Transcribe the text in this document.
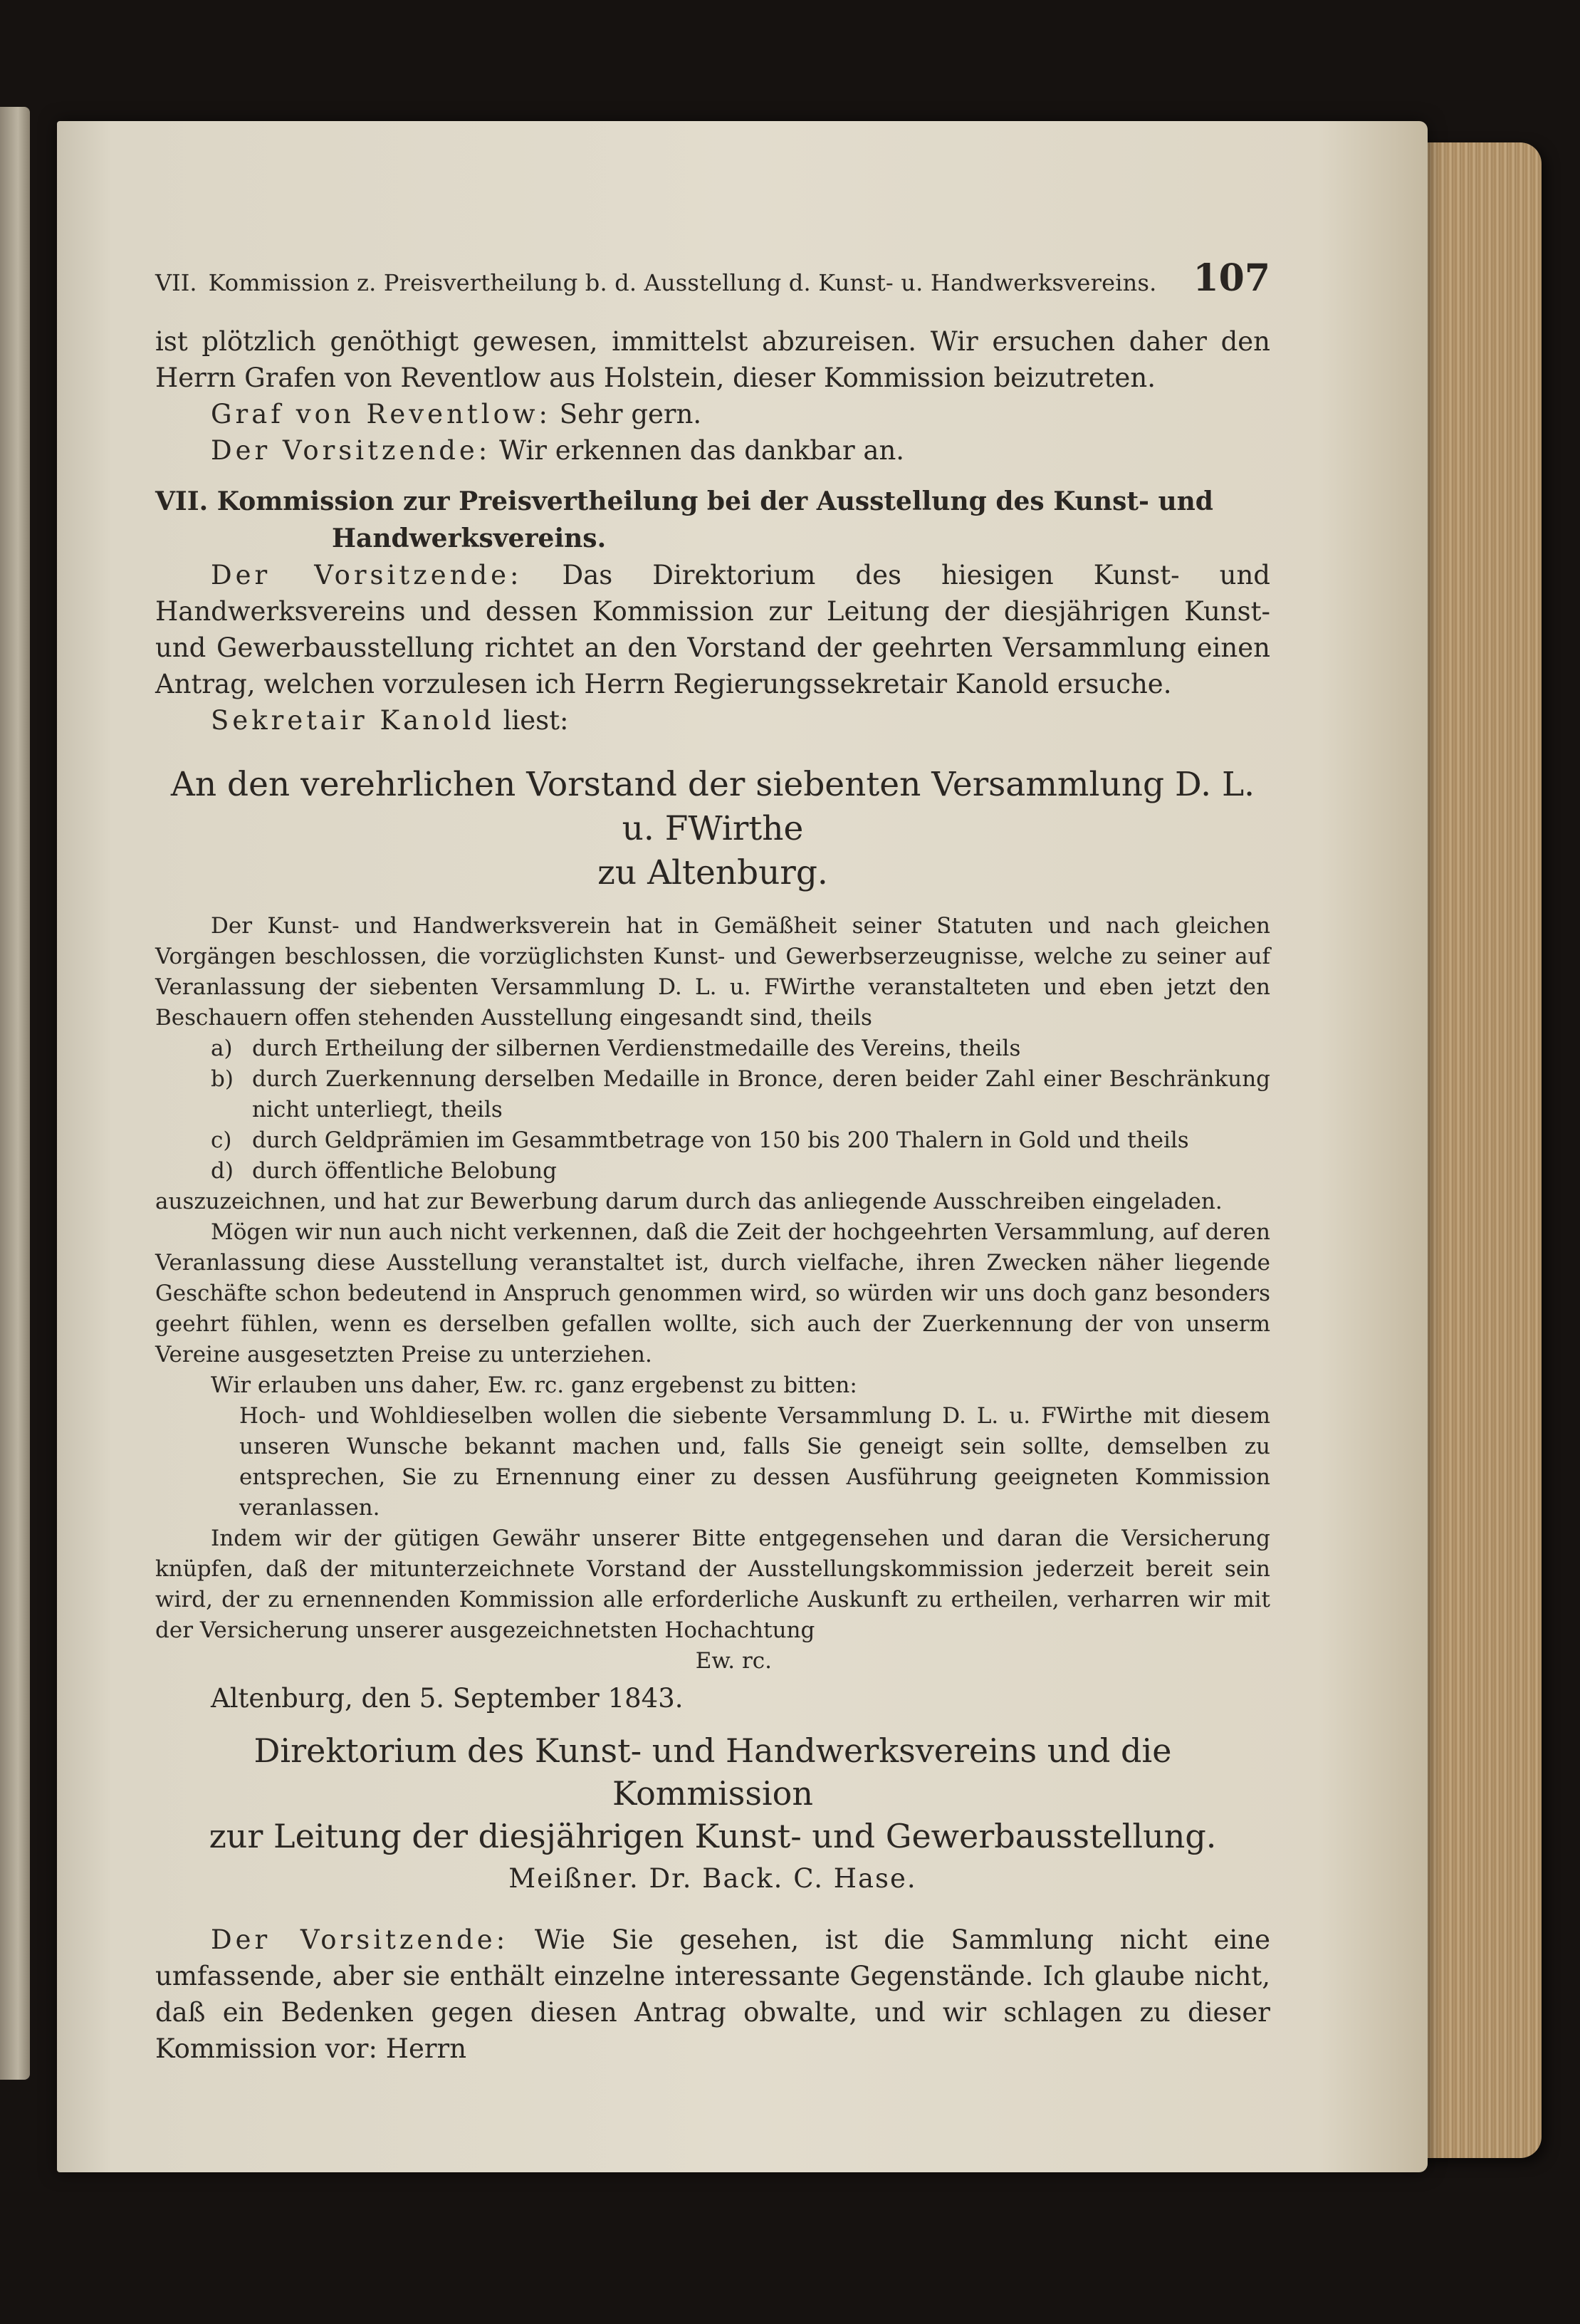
VII. Kommission z. Preisvertheilung b. d. Ausstellung d. Kunst- u. Handwerksvereins. 107

ist plötzlich genöthigt gewesen, immittelst abzureisen. Wir ersuchen daher den Herrn Grafen von Reventlow aus Holstein, dieser Kommission beizutreten.

Graf von Reventlow: Sehr gern.

Der Vorsitzende: Wir erkennen das dankbar an.

VII. Kommission zur Preisvertheilung bei der Ausstellung des Kunst- und
Handwerksvereins.

Der Vorsitzende: Das Direktorium des hiesigen Kunst- und Handwerksvereins und dessen Kommission zur Leitung der diesjährigen Kunst- und Gewerbausstellung richtet an den Vorstand der geehrten Versammlung einen Antrag, welchen vorzulesen ich Herrn Regierungssekretair Kanold ersuche.

Sekretair Kanold liest:

An den verehrlichen Vorstand der siebenten Versammlung D. L. u. FWirthe
zu Altenburg.

Der Kunst- und Handwerksverein hat in Gemäßheit seiner Statuten und nach gleichen Vorgängen beschlossen, die vorzüglichsten Kunst- und Gewerbserzeugnisse, welche zu seiner auf Veranlassung der siebenten Versammlung D. L. u. FWirthe veranstalteten und eben jetzt den Beschauern offen stehenden Ausstellung eingesandt sind, theils

a) durch Ertheilung der silbernen Verdienstmedaille des Vereins, theils
b) durch Zuerkennung derselben Medaille in Bronce, deren beider Zahl einer Beschränkung nicht unterliegt, theils
c) durch Geldprämien im Gesammtbetrage von 150 bis 200 Thalern in Gold und theils
d) durch öffentliche Belobung

auszuzeichnen, und hat zur Bewerbung darum durch das anliegende Ausschreiben eingeladen.

Mögen wir nun auch nicht verkennen, daß die Zeit der hochgeehrten Versammlung, auf deren Veranlassung diese Ausstellung veranstaltet ist, durch vielfache, ihren Zwecken näher liegende Geschäfte schon bedeutend in Anspruch genommen wird, so würden wir uns doch ganz besonders geehrt fühlen, wenn es derselben gefallen wollte, sich auch der Zuerkennung der von unserm Vereine ausgesetzten Preise zu unterziehen.

Wir erlauben uns daher, Ew. rc. ganz ergebenst zu bitten:

Hoch- und Wohldieselben wollen die siebente Versammlung D. L. u. FWirthe mit diesem unseren Wunsche bekannt machen und, falls Sie geneigt sein sollte, demselben zu entsprechen, Sie zu Ernennung einer zu dessen Ausführung geeigneten Kommission veranlassen.

Indem wir der gütigen Gewähr unserer Bitte entgegensehen und daran die Versicherung knüpfen, daß der mitunterzeichnete Vorstand der Ausstellungskommission jederzeit bereit sein wird, der zu ernennenden Kommission alle erforderliche Auskunft zu ertheilen, verharren wir mit der Versicherung unserer ausgezeichnetsten Hochachtung

Ew. rc.

Altenburg, den 5. September 1843.

Direktorium des Kunst- und Handwerksvereins und die Kommission
zur Leitung der diesjährigen Kunst- und Gewerbausstellung.
Meißner. Dr. Back. C. Hase.

Der Vorsitzende: Wie Sie gesehen, ist die Sammlung nicht eine umfassende, aber sie enthält einzelne interessante Gegenstände. Ich glaube nicht, daß ein Bedenken gegen diesen Antrag obwalte, und wir schlagen zu dieser Kommission vor: Herrn
